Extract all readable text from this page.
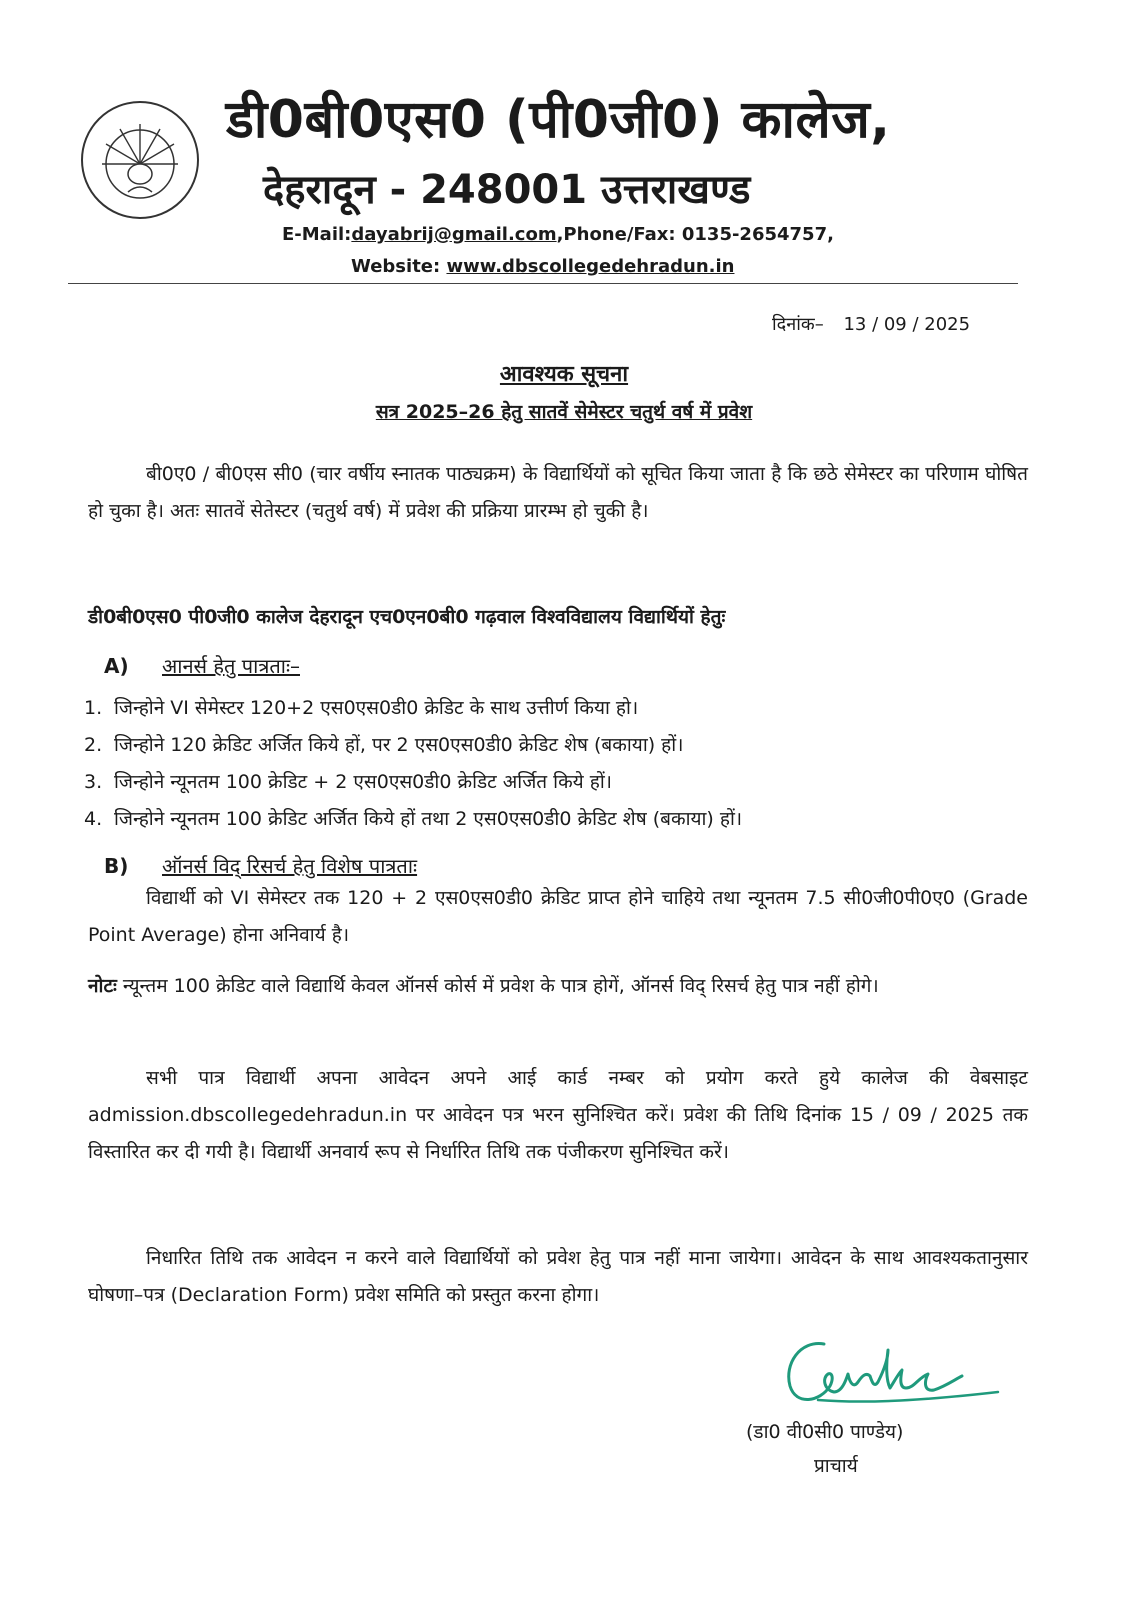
डी0बी0एस0 (पी0जी0) कालेज,
देहरादून - 248001 उत्तराखण्ड
E-Mail:dayabrij@gmail.com,Phone/Fax: 0135-2654757,
Website: www.dbscollegedehradun.in
दिनांक– 13 / 09 / 2025
आवश्यक सूचना
सत्र 2025–26 हेतु सातवें सेमेस्टर चतुर्थ वर्ष में प्रवेश
बी0ए0 / बी0एस सी0 (चार वर्षीय स्नातक पाठ्यक्रम) के विद्यार्थियों को सूचित किया जाता है कि छठे सेमेस्टर का परिणाम घोषित हो चुका है। अतः सातवें सेतेस्टर (चतुर्थ वर्ष) में प्रवेश की प्रक्रिया प्रारम्भ हो चुकी है।
डी0बी0एस0 पी0जी0 कालेज देहरादून एच0एन0बी0 गढ़वाल विश्वविद्यालय विद्यार्थियों हेतुः
A) आनर्स हेतु पात्रताः–
1. जिन्होने VI सेमेस्टर 120+2 एस0एस0डी0 क्रेडिट के साथ उत्तीर्ण किया हो।
2. जिन्होने 120 क्रेडिट अर्जित किये हों, पर 2 एस0एस0डी0 क्रेडिट शेष (बकाया) हों।
3. जिन्होने न्यूनतम 100 क्रेडिट + 2 एस0एस0डी0 क्रेडिट अर्जित किये हों।
4. जिन्होने न्यूनतम 100 क्रेडिट अर्जित किये हों तथा 2 एस0एस0डी0 क्रेडिट शेष (बकाया) हों।
B) ऑनर्स विद् रिसर्च हेतु विशेष पात्रताः
विद्यार्थी को VI सेमेस्टर तक 120 + 2 एस0एस0डी0 क्रेडिट प्राप्त होने चाहिये तथा न्यूनतम 7.5 सी0जी0पी0ए0 (Grade Point Average) होना अनिवार्य है।
नोटः न्यून्तम 100 क्रेडिट वाले विद्यार्थि केवल ऑनर्स कोर्स में प्रवेश के पात्र होगें, ऑनर्स विद् रिसर्च हेतु पात्र नहीं होगे।
सभी पात्र विद्यार्थी अपना आवेदन अपने आई कार्ड नम्बर को प्रयोग करते हुये कालेज की वेबसाइट admission.dbscollegedehradun.in पर आवेदन पत्र भरन सुनिश्चित करें। प्रवेश की तिथि दिनांक 15 / 09 / 2025 तक विस्तारित कर दी गयी है। विद्यार्थी अनवार्य रूप से निर्धारित तिथि तक पंजीकरण सुनिश्चित करें।
निधारित तिथि तक आवेदन न करने वाले विद्यार्थियों को प्रवेश हेतु पात्र नहीं माना जायेगा। आवेदन के साथ आवश्यकतानुसार घोषणा–पत्र (Declaration Form) प्रवेश समिति को प्रस्तुत करना होगा।
(डा0 वी0सी0 पाण्डेय)
प्राचार्य
